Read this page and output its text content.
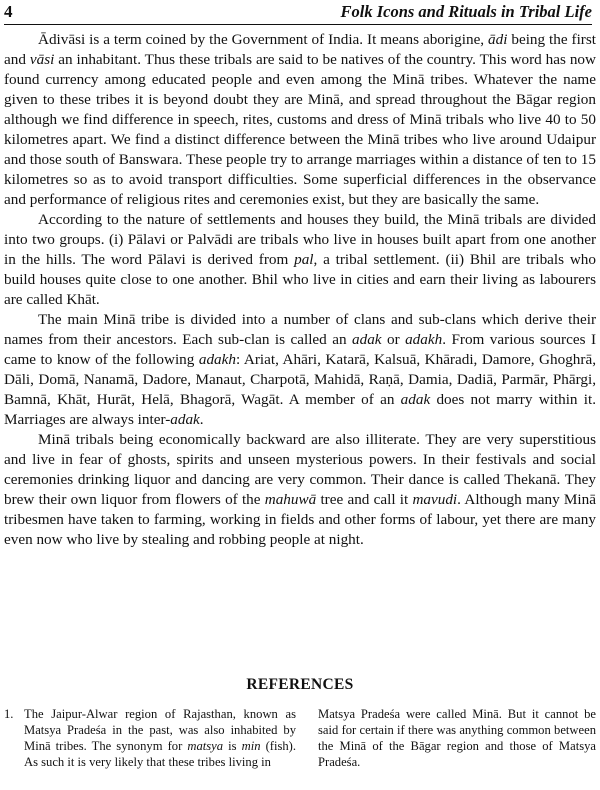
4	Folk Icons and Rituals in Tribal Life

Ādivāsi is a term coined by the Government of India. It means aborigine, ādi being the first and vāsi an inhabitant. Thus these tribals are said to be natives of the country. This word has now found currency among educated people and even among the Minā tribes. Whatever the name given to these tribes it is beyond doubt they are Minā, and spread throughout the Bāgar region although we find difference in speech, rites, customs and dress of Minā tribals who live 40 to 50 kilometres apart. We find a distinct difference between the Minā tribes who live around Udaipur and those south of Banswara. These people try to arrange marriages within a distance of ten to 15 kilometres so as to avoid transport difficulties. Some superficial differences in the observance and performance of religious rites and ceremonies exist, but they are basically the same.

According to the nature of settlements and houses they build, the Minā tribals are divided into two groups. (i) Pālavi or Palvādi are tribals who live in houses built apart from one another in the hills. The word Pālavi is derived from pal, a tribal settlement. (ii) Bhil are tribals who build houses quite close to one another. Bhil who live in cities and earn their living as labourers are called Khāt.

The main Minā tribe is divided into a number of clans and sub-clans which derive their names from their ancestors. Each sub-clan is called an adak or adakh. From various sources I came to know of the following adakh: Ariat, Ahāri, Katarā, Kalsuā, Khāradi, Damore, Ghoghrā, Dāli, Domā, Nanamā, Dadore, Manaut, Charpotā, Mahidā, Raṇā, Damia, Dadiā, Parmār, Phārgi, Bamnā, Khāt, Hurāt, Helā, Bhagorā, Wagāt. A member of an adak does not marry within it. Marriages are always inter-adak.

Minā tribals being economically backward are also illiterate. They are very superstitious and live in fear of ghosts, spirits and unseen mysterious powers. In their festivals and social ceremonies drinking liquor and dancing are very common. Their dance is called Thekanā. They brew their own liquor from flowers of the mahuwā tree and call it mavudi. Although many Minā tribesmen have taken to farming, working in fields and other forms of labour, yet there are many even now who live by stealing and robbing people at night.

REFERENCES
1. The Jaipur-Alwar region of Rajasthan, known as Matsya Pradeśa in the past, was also inhabited by Minā tribes. The synonym for matsya is min (fish). As such it is very likely that these tribes living in
Matsya Pradeśa were called Minā. But it cannot be said for certain if there was anything common between the Minā of the Bāgar region and those of Matsya Pradeśa.
